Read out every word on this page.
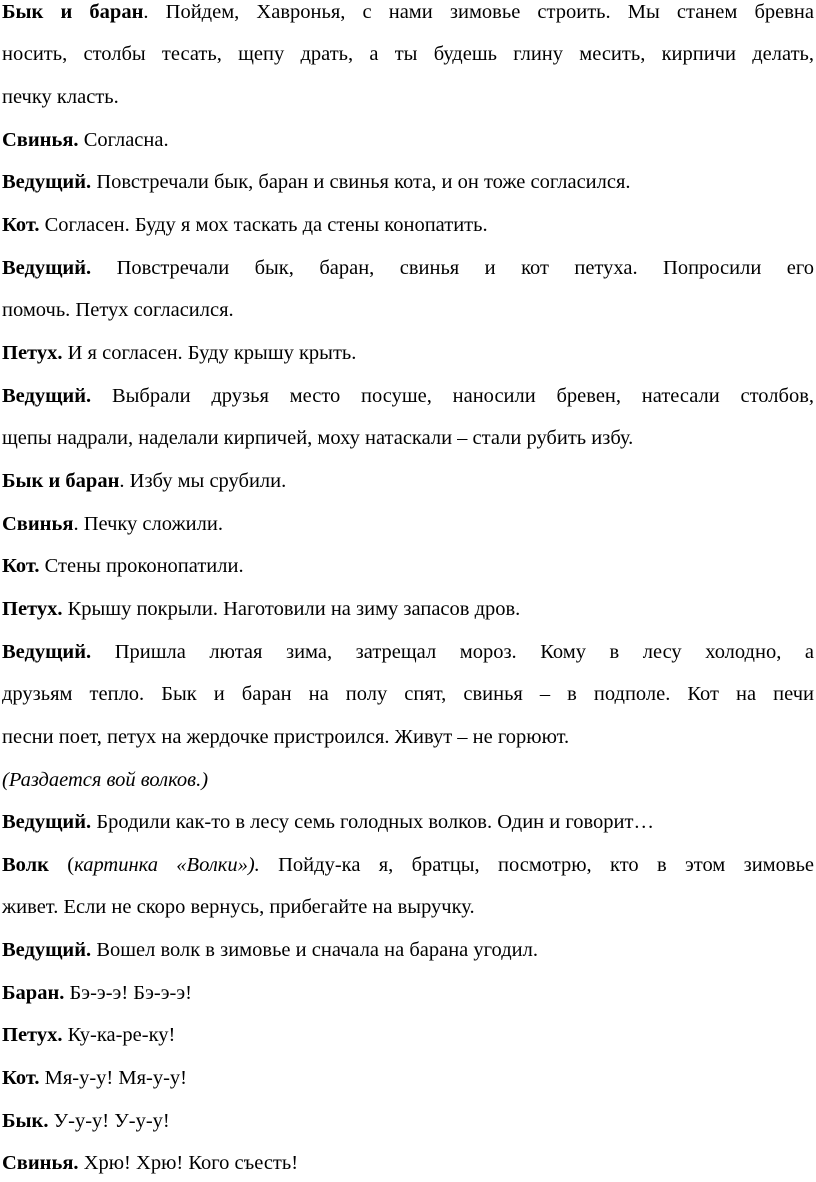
Бык и баран. Пойдем, Хавронья, с нами зимовье строить. Мы станем бревна
носить, столбы тесать, щепу драть, а ты будешь глину месить, кирпичи делать,
печку класть.
Свинья. Согласна.
Ведущий. Повстречали бык, баран и свинья кота, и он тоже согласился.
Кот. Согласен. Буду я мох таскать да стены конопатить.
Ведущий. Повстречали бык, баран, свинья и кот петуха. Попросили его
помочь. Петух согласился.
Петух. И я согласен. Буду крышу крыть.
Ведущий. Выбрали друзья место посуше, наносили бревен, натесали столбов,
щепы надрали, наделали кирпичей, моху натаскали – стали рубить избу.
Бык и баран. Избу мы срубили.
Свинья. Печку сложили.
Кот. Стены проконопатили.
Петух. Крышу покрыли. Наготовили на зиму запасов дров.
Ведущий. Пришла лютая зима, затрещал мороз. Кому в лесу холодно, а
друзьям тепло. Бык и баран на полу спят, свинья – в подполе. Кот на печи
песни поет, петух на жердочке пристроился. Живут – не горюют.
(Раздается вой волков.)
Ведущий. Бродили как-то в лесу семь голодных волков. Один и говорит…
Волк (картинка «Волки»). Пойду-ка я, братцы, посмотрю, кто в этом зимовье
живет. Если не скоро вернусь, прибегайте на выручку.
Ведущий. Вошел волк в зимовье и сначала на барана угодил.
Баран. Бэ-э-э! Бэ-э-э!
Петух. Ку-ка-ре-ку!
Кот. Мя-у-у! Мя-у-у!
Бык. У-у-у! У-у-у!
Свинья. Хрю! Хрю! Кого съесть!
